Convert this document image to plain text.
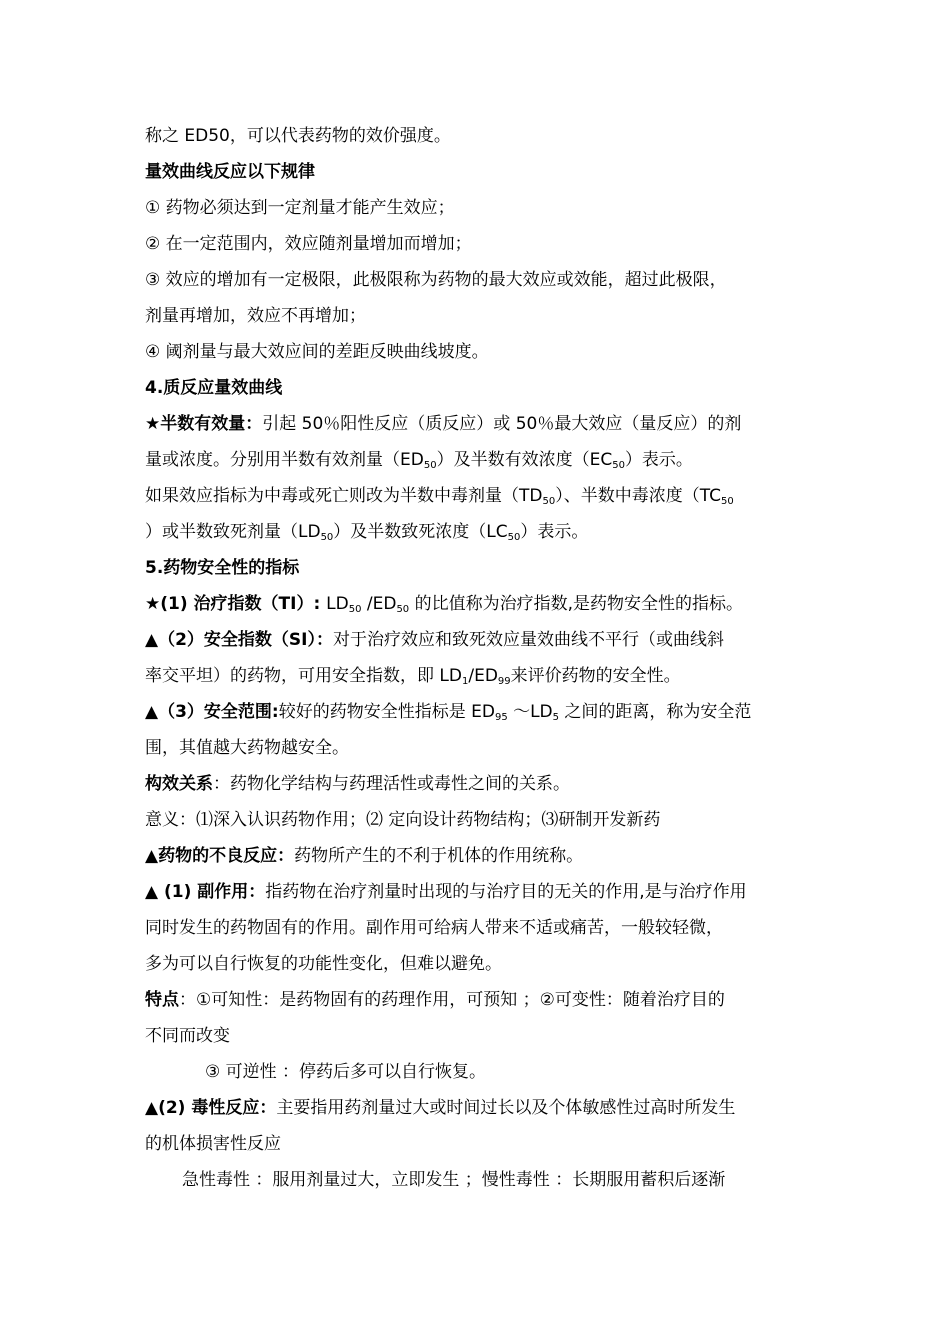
称之 ED50，可以代表药物的效价强度。
量效曲线反应以下规律
① 药物必须达到一定剂量才能产生效应；
② 在一定范围内，效应随剂量增加而增加；
③ 效应的增加有一定极限，此极限称为药物的最大效应或效能，超过此极限，
剂量再增加，效应不再增加；
④ 阈剂量与最大效应间的差距反映曲线坡度。
4.质反应量效曲线
★半数有效量：引起 50％阳性反应（质反应）或 50％最大效应（量反应）的剂
量或浓度。分别用半数有效剂量$(ED_{50})$及半数有效浓度$(EC_{50})$表示。
如果效应指标为中毒或死亡则改为半数中毒剂量$(TD_{50})$、半数中毒浓度（$TC_{50}$
）或半数致死剂量$(LD_{50})$及半数致死浓度$(LC_{50})$表示。
5.药物安全性的指标
★(1) 治疗指数（TI）: $LD_{50}$ $/ED_{50}$ 的比值称为治疗指数,是药物安全性的指标。
▲（2）安全指数（SI）：对于治疗效应和致死效应量效曲线不平行（或曲线斜
率交平坦）的药物，可用安全指数，即 $LD_1/ED_{99}$来评价药物的安全性。
▲（3）安全范围:较好的药物安全性指标是 $ED_{95}$ $\sim LD_5$ 之间的距离，称为安全范
围，其值越大药物越安全。
构效关系：药物化学结构与药理活性或毒性之间的关系。
意义：⑴深入认识药物作用；⑵ 定向设计药物结构；⑶研制开发新药
▲药物的不良反应：药物所产生的不利于机体的作用统称。
▲ (1) 副作用：指药物在治疗剂量时出现的与治疗目的无关的作用,是与治疗作用
同时发生的药物固有的作用。副作用可给病人带来不适或痛苦，一般较轻微，
多为可以自行恢复的功能性变化，但难以避免。
特点：①可知性：是药物固有的药理作用，可预知 ；②可变性：随着治疗目的
不同而改变
③ 可逆性 ：停药后多可以自行恢复。
▲(2) 毒性反应：主要指用药剂量过大或时间过长以及个体敏感性过高时所发生
的机体损害性反应
急性毒性 ：服用剂量过大，立即发生 ；慢性毒性 ：长期服用蓄积后逐渐
